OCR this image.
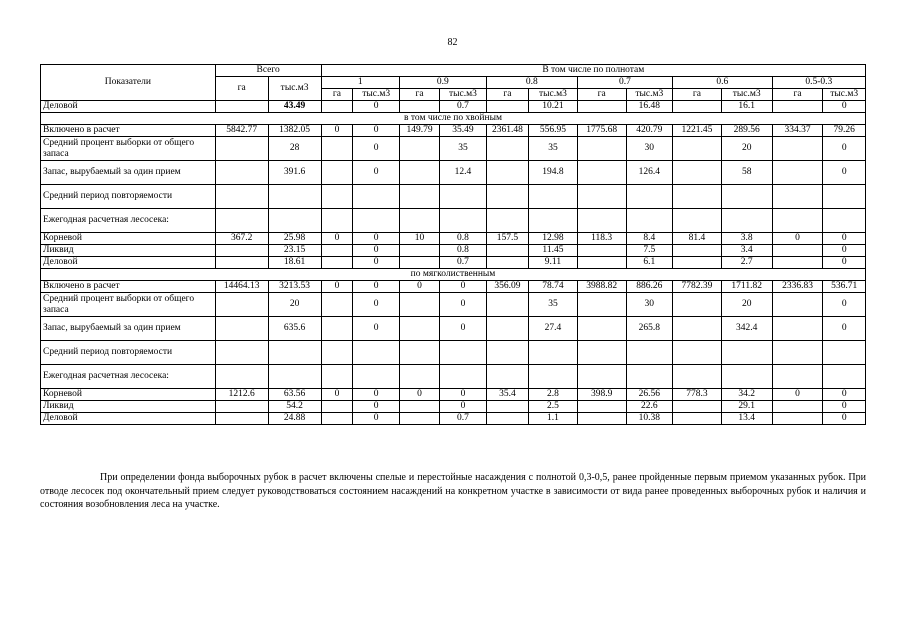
82
Показатели	Всего		В том числе по полнотам											
	га	тыс.м3	1		0.9		0.8		0.7		0.6		0.5-0.3	
			га	тыс.м3	га	тыс.м3	га	тыс.м3	га	тыс.м3	га	тыс.м3	га	тыс.м3
Деловой		43.49		0		0.7		10.21		16.48		16.1		0
в том числе по хвойным														
Включено в расчет	5842.77	1382.05	0	0	149.79	35.49	2361.48	556.95	1775.68	420.79	1221.45	289.56	334.37	79.26
Средний процент выборки от общего запаса		28		0		35		35		30		20		0
Запас, вырубаемый за один прием		391.6		0		12.4		194.8		126.4		58		0
Средний период повторяемости														
Ежегодная расчетная лесосека:														
Корневой	367.2	25.98	0	0	10	0.8	157.5	12.98	118.3	8.4	81.4	3.8	0	0
Ликвид		23.15		0		0.8		11.45		7.5		3.4		0
Деловой		18.61		0		0.7		9.11		6.1		2.7		0
по мягколиственным														
Включено в расчет	14464.13	3213.53	0	0	0	0	356.09	78.74	3988.82	886.26	7782.39	1711.82	2336.83	536.71
Средний процент выборки от общего запаса		20		0		0		35		30		20		0
Запас, вырубаемый за один прием		635.6		0		0		27.4		265.8		342.4		0
Средний период повторяемости														
Ежегодная расчетная лесосека:														
Корневой	1212.6	63.56	0	0	0	0	35.4	2.8	398.9	26.56	778.3	34.2	0	0
Ликвид		54.2		0		0		2.5		22.6		29.1		0
Деловой		24.88		0		0.7		1.1		10.38		13.4		0

При определении фонда выборочных рубок в расчет включены спелые и перестойные насаждения с полнотой 0,3-0,5, ранее пройденные первым приемом указанных рубок. При отводе лесосек под окончательный прием следует руководствоваться состоянием насаждений на конкретном участке в зависимости от вида ранее проведенных выборочных рубок и наличия и состояния возобновления леса на участке.
